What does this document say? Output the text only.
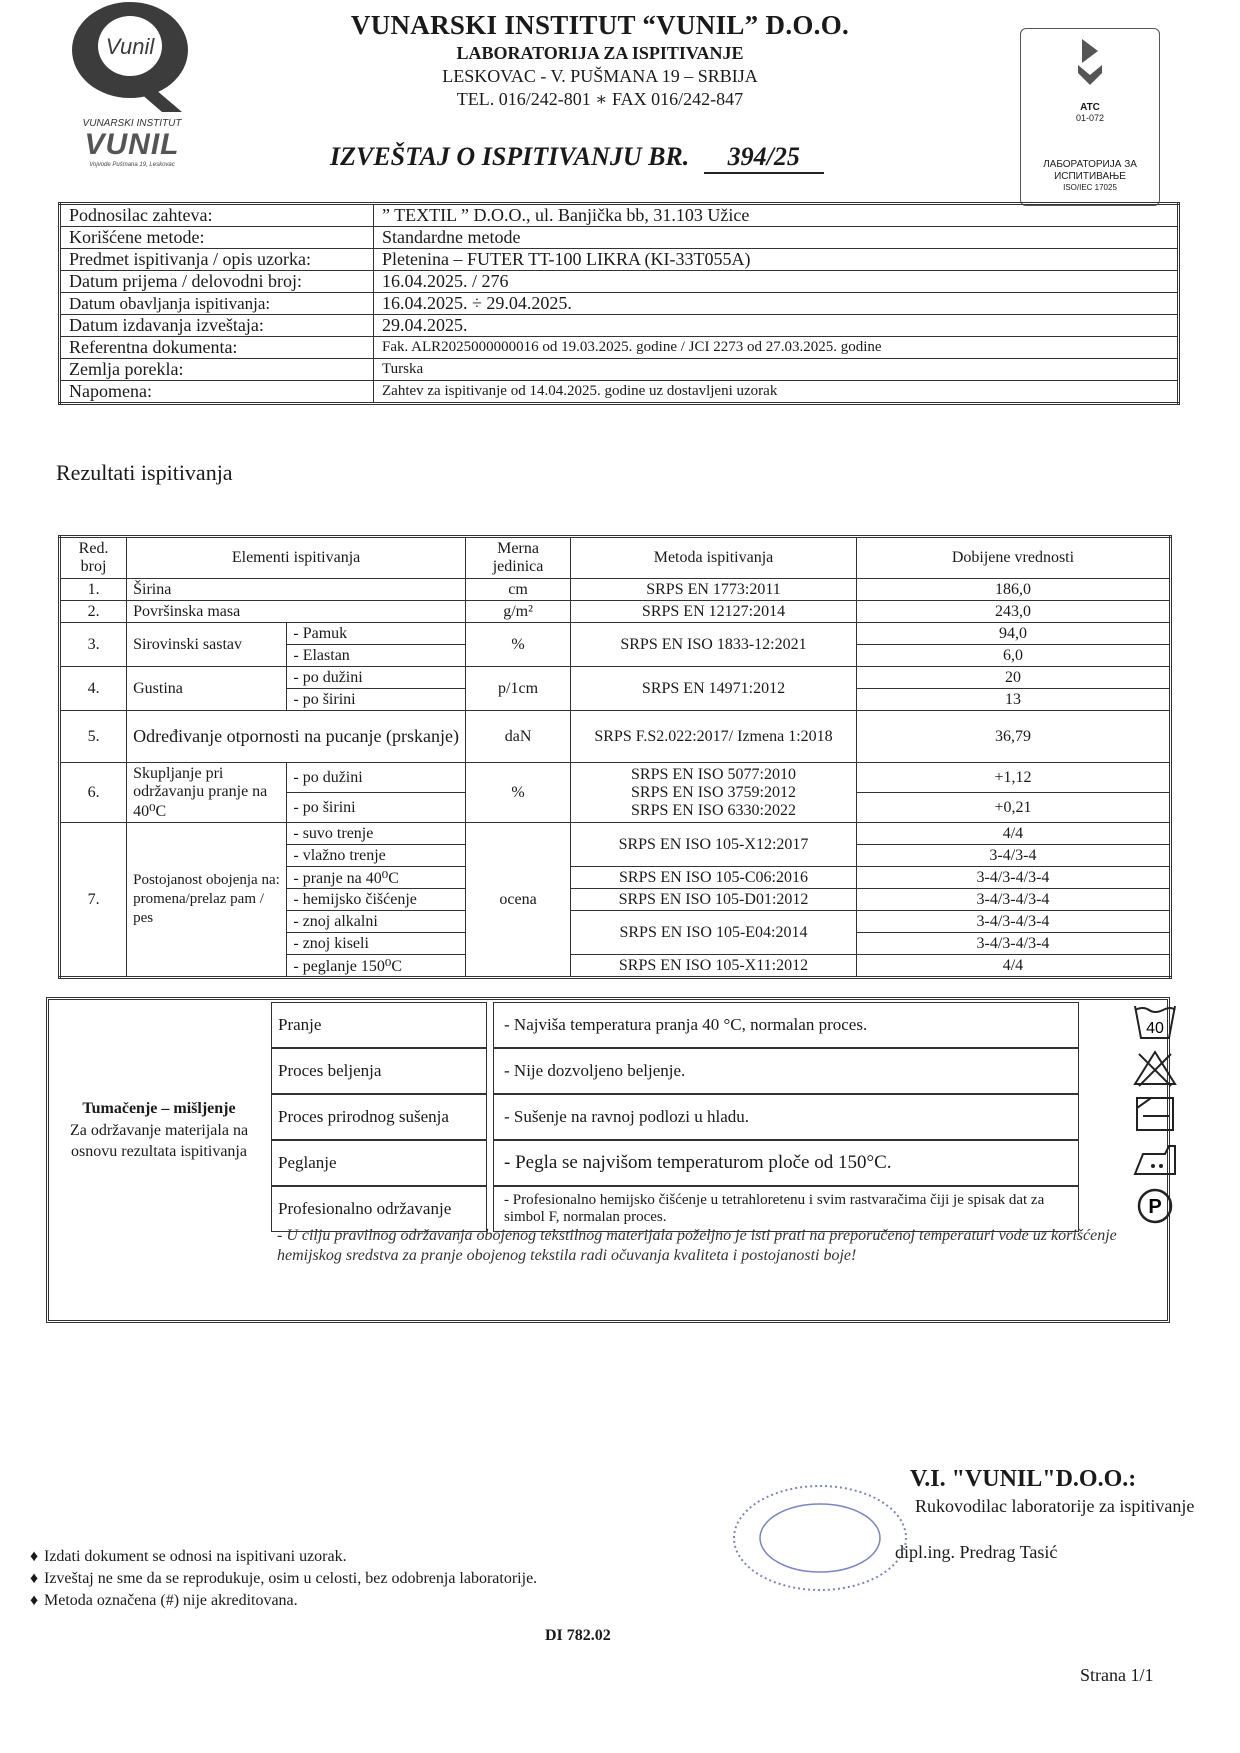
Vunil
VUNARSKI INSTITUT
VUNIL
Vojvode Pušmana 19, Leskovac
VUNARSKI INSTITUT “VUNIL” D.O.O.
LABORATORIJA ZA ISPITIVANJE
LESKOVAC - V. PUŠMANA 19 – SRBIJA
TEL. 016/242-801 ∗ FAX 016/242-847
IZVEŠTAJ O ISPITIVANJU BR. 394/25
ATC
01-072
ЛАБОРАТОРИЈА ЗА ИСПИТИВАЊЕ
ISO/IEC 17025
Podnosilac zahteva:	” TEXTIL ” D.O.O., ul. Banjička bb, 31.103 Užice
Korišćene metode:	Standardne metode
Predmet ispitivanja / opis uzorka:	Pletenina – FUTER TT-100 LIKRA (KI-33T055A)
Datum prijema / delovodni broj:	16.04.2025. / 276
Datum obavljanja ispitivanja:	16.04.2025. ÷ 29.04.2025.
Datum izdavanja izveštaja:	29.04.2025.
Referentna dokumenta:	Fak. ALR2025000000016 od 19.03.2025. godine / JCI 2273 od 27.03.2025. godine
Zemlja porekla:	Turska
Napomena:	Zahtev za ispitivanje od 14.04.2025. godine uz dostavljeni uzorak
Rezultati ispitivanja
Red. broj	Elementi ispitivanja		Merna jedinica	Metoda ispitivanja	Dobijene vrednosti
1.	Širina		cm	SRPS EN 1773:2011	186,0
2.	Površinska masa		g/m²	SRPS EN 12127:2014	243,0
3.	Sirovinski sastav	- Pamuk	%	SRPS EN ISO 1833-12:2021	94,0
		- Elastan			6,0
4.	Gustina	- po dužini	p/1cm	SRPS EN 14971:2012	20
		- po širini			13
5.	Određivanje otpornosti na pucanje (prskanje)		daN	SRPS F.S2.022:2017/ Izmena 1:2018	36,79
6.	Skupljanje pri održavanju pranje na 40⁰C	- po dužini	%	SRPS EN ISO 5077:2010
SRPS EN ISO 3759:2012
SRPS EN ISO 6330:2022	+1,12
		- po širini			+0,21
7.	Postojanost obojenja na: promena/prelaz pam / pes	- suvo trenje	ocena	SRPS EN ISO 105-X12:2017	4/4
		- vlažno trenje			3-4/3-4
		- pranje na 40⁰C		SRPS EN ISO 105-C06:2016	3-4/3-4/3-4
		- hemijsko čišćenje		SRPS EN ISO 105-D01:2012	3-4/3-4/3-4
		- znoj alkalni		SRPS EN ISO 105-E04:2014	3-4/3-4/3-4
		- znoj kiseli			3-4/3-4/3-4
		- peglanje 150⁰C		SRPS EN ISO 105-X11:2012	4/4
Tumačenje – mišljenje
Za održavanje materijala na osnovu rezultata ispitivanja
Pranje	- Najviša temperatura pranja 40 °C, normalan proces.	40
Proces beljenja	- Nije dozvoljeno beljenje.
Proces prirodnog sušenja	- Sušenje na ravnoj podlozi u hladu.
Peglanje	- Pegla se najvišom temperaturom ploče od 150°C.
Profesionalno održavanje	- Profesionalno hemijsko čišćenje u tetrahloretenu i svim rastvaračima čiji je spisak dat za simbol F, normalan proces.	P
- U cilju pravilnog održavanja obojenog tekstilnog materijala poželjno je isti prati na preporučenoj temperaturi vode uz korišćenje hemijskog sredstva za pranje obojenog tekstila radi očuvanja kvaliteta i postojanosti boje!
V.I. "VUNIL"D.O.O.:
Rukovodilac laboratorije za ispitivanje
dipl.ing. Predrag Tasić
♦ Izdati dokument se odnosi na ispitivani uzorak.
♦ Izveštaj ne sme da se reprodukuje, osim u celosti, bez odobrenja laboratorije.
♦ Metoda označena (#) nije akreditovana.
DI 782.02
Strana 1/1
